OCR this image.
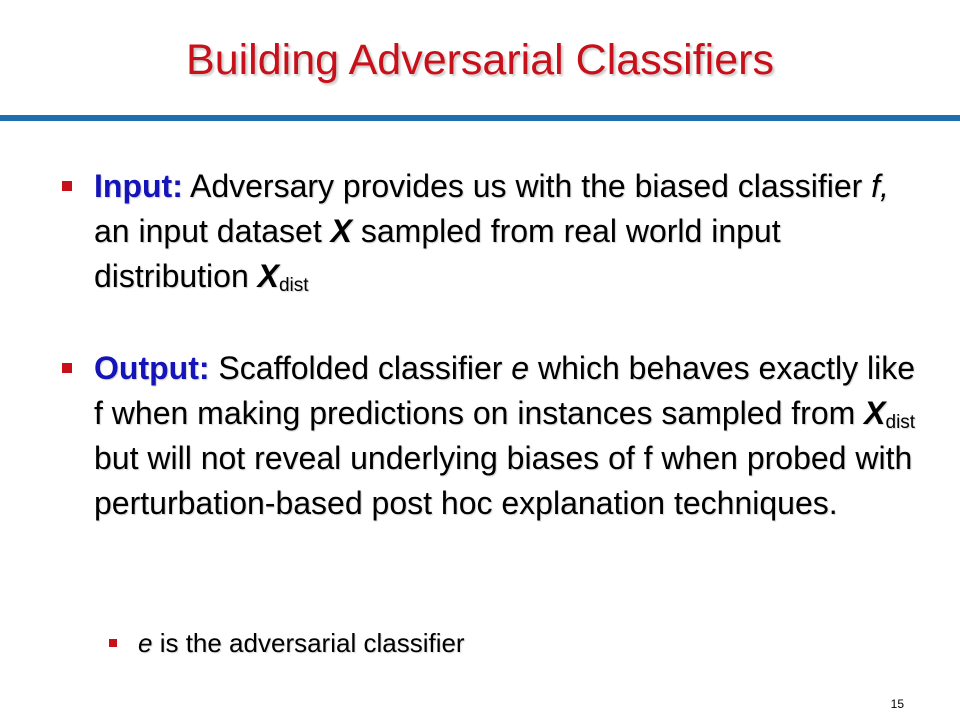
Building Adversarial Classifiers
Input: Adversary provides us with the biased classifier f, an input dataset X sampled from real world input distribution $X_{dist}$
Output: Scaffolded classifier e which behaves exactly like f when making predictions on instances sampled from $X_{dist}$ but will not reveal underlying biases of f when probed with perturbation-based post hoc explanation techniques.
e is the adversarial classifier
15
